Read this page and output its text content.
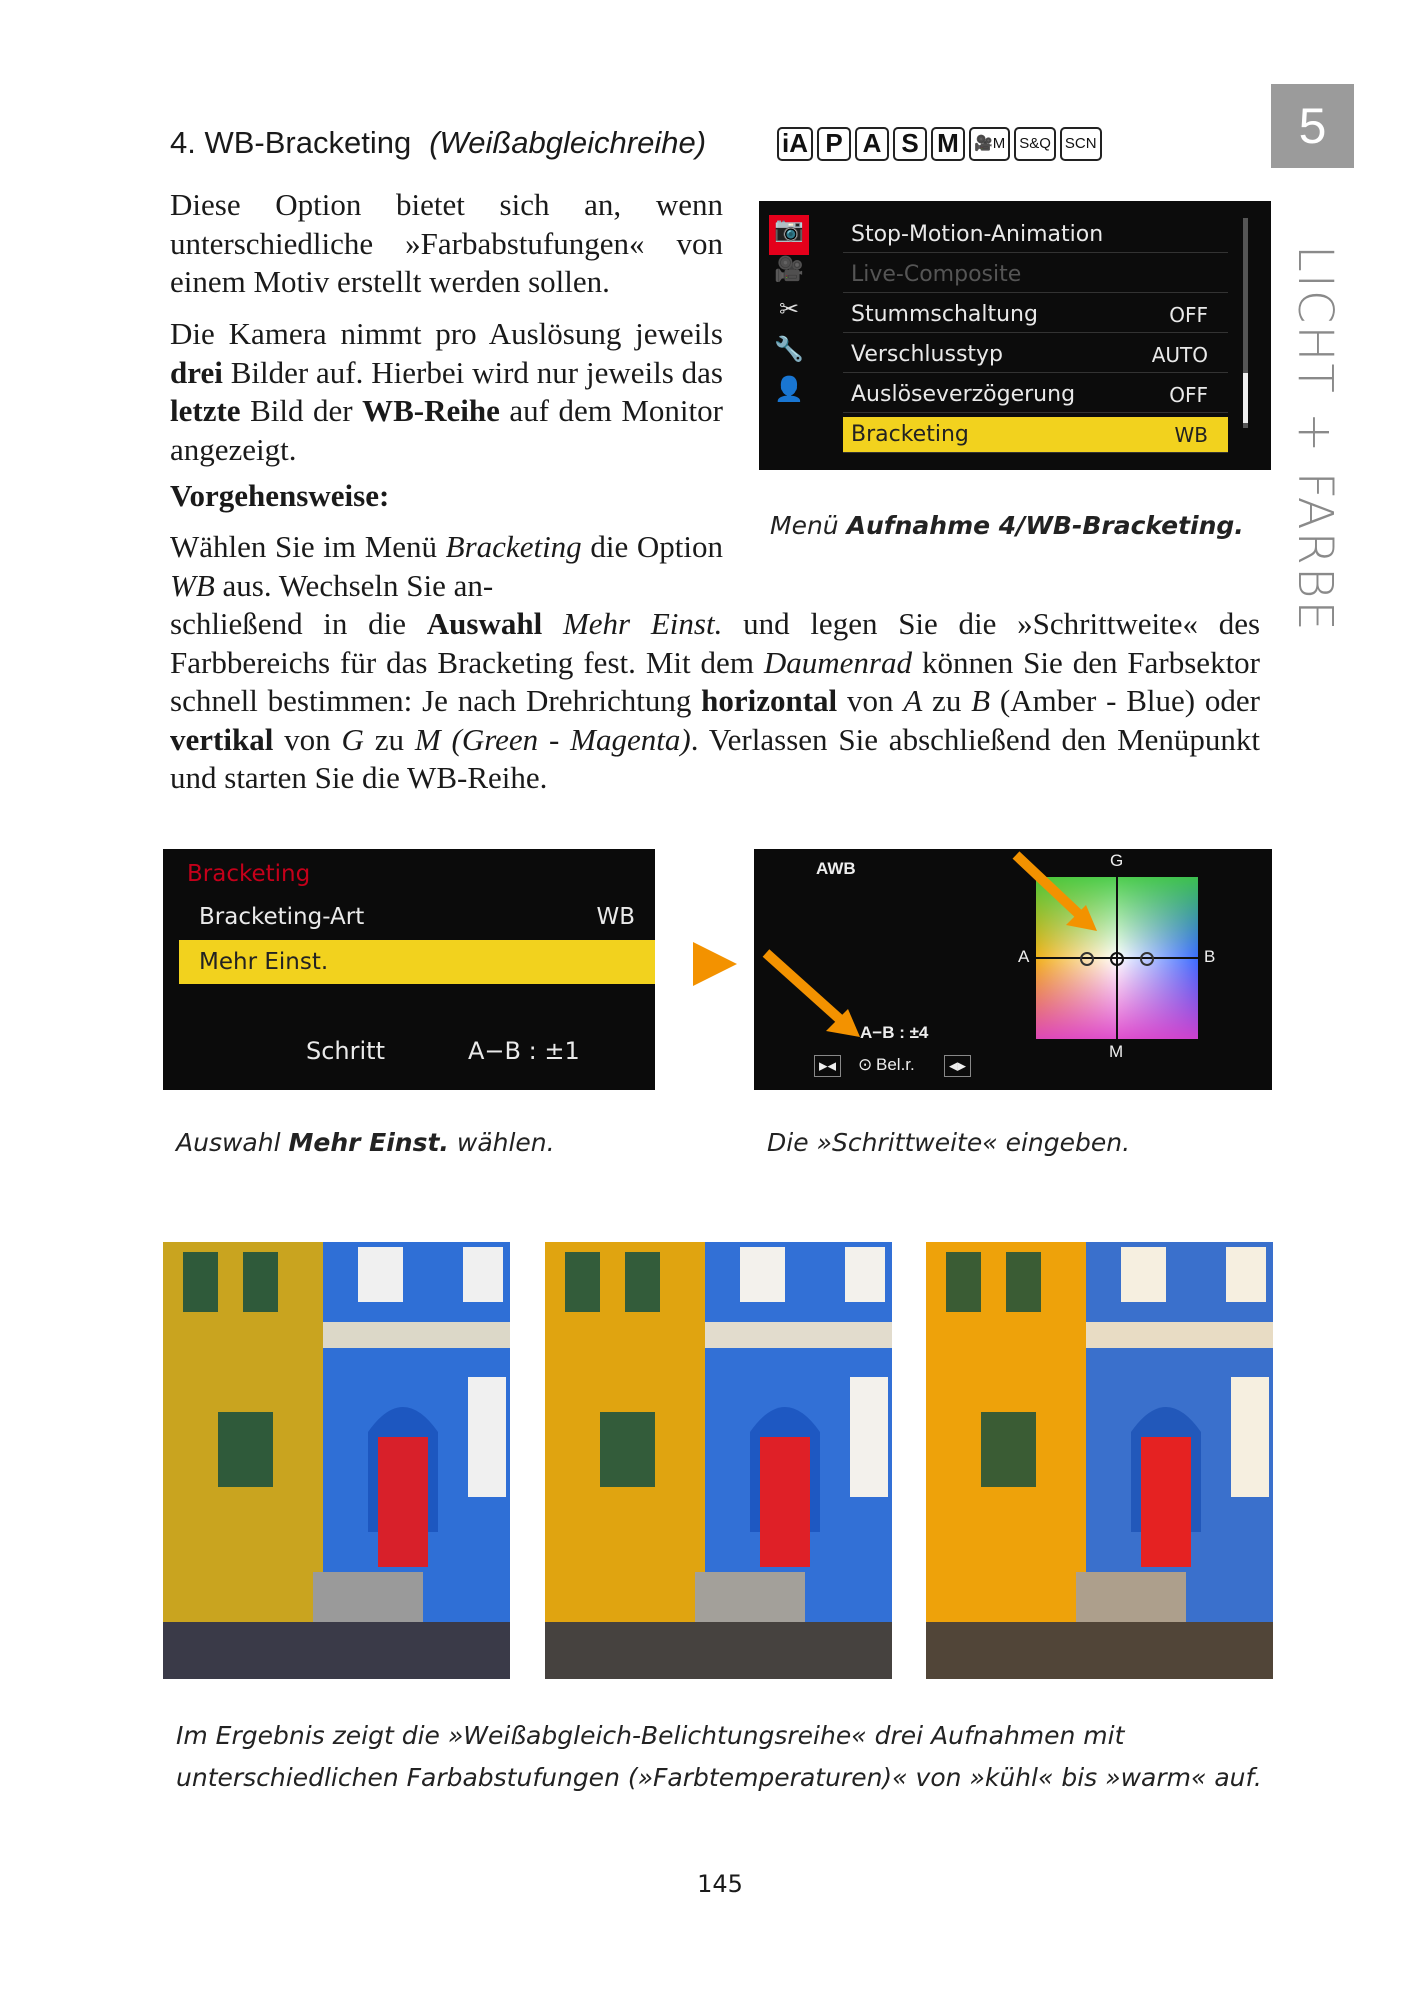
5
LICHT + FARBE
4. WB-Bracketing (Weißabgleichreihe)	iA P A S M	🎥M S&Q SCN
Diese Option bietet sich an, wenn unterschiedliche »Farbabstufungen« von einem Motiv erstellt werden sollen.
Die Kamera nimmt pro Auslösung jeweils drei Bilder auf. Hierbei wird nur jeweils das letzte Bild der WB-Reihe auf dem Monitor angezeigt.
Vorgehensweise:
Wählen Sie im Menü Bracketing die Option WB aus. Wechseln Sie an-
schließend in die Auswahl Mehr Einst. und legen Sie die »Schrittweite« des Farbbereichs für das Bracketing fest. Mit dem Daumenrad können Sie den Farbsektor schnell bestimmen: Je nach Drehrichtung horizontal von A zu B (Amber - Blue) oder vertikal von G zu M (Green - Magenta). Verlassen Sie abschließend den Menüpunkt und starten Sie die WB-Reihe.
📷
🎥
✂
🔧
👤
Stop-Motion-Animation
Live-Composite
Stummschaltung	OFF
Verschlusstyp	AUTO
Auslöseverzögerung	OFF
Bracketing	WB
Menü Aufnahme 4/WB-Bracketing.
Bracketing
Bracketing-Art	WB
Mehr Einst.
Schritt	A−B : ±1
Auswahl Mehr Einst. wählen.
AWB	G
A	B
M
A−B : ±4
▸◂ ⊙ Bel.r. ◂▸
Die »Schrittweite« eingeben.
Im Ergebnis zeigt die »Weißabgleich-Belichtungsreihe« drei Aufnahmen mit unterschiedlichen Farbabstufungen (»Farbtemperaturen)« von »kühl« bis »warm« auf.
145
